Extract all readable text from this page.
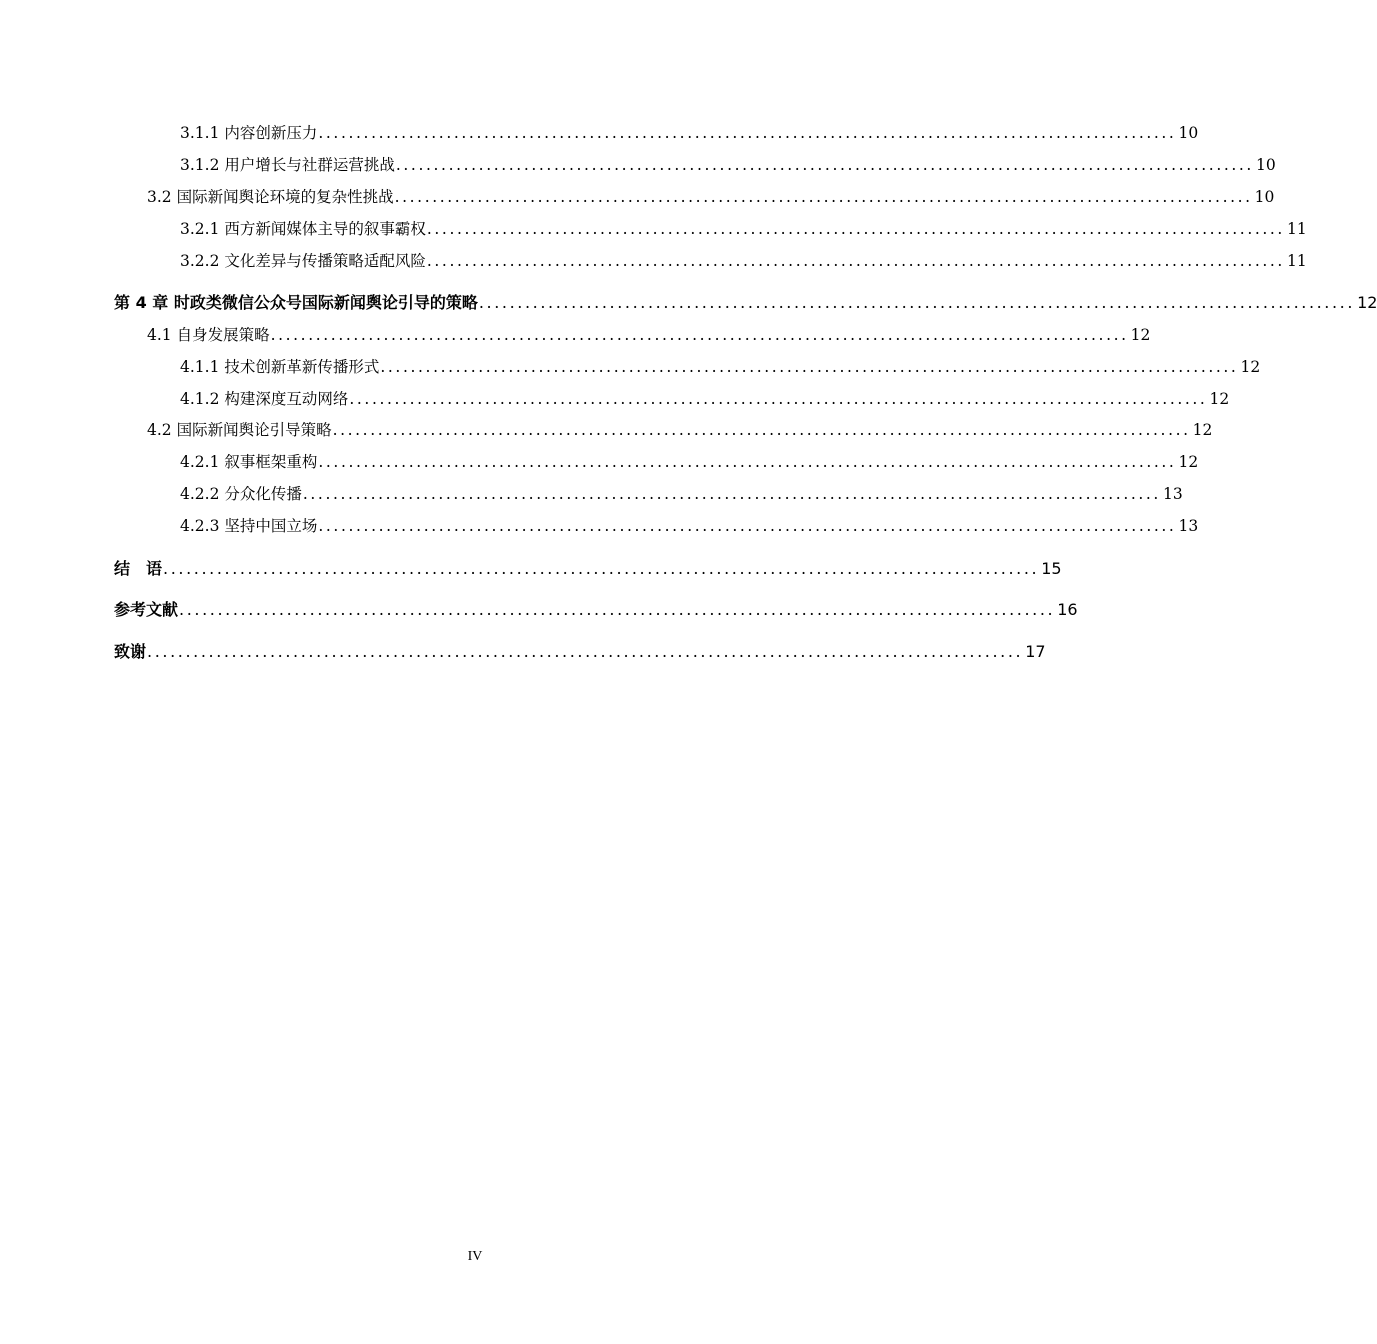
3.1.1 内容创新压力 .................................................................................................................. 10
3.1.2 用户增长与社群运营挑战 .................................................................................................................. 10
3.2 国际新闻舆论环境的复杂性挑战 .................................................................................................................. 10
3.2.1 西方新闻媒体主导的叙事霸权 .................................................................................................................. 11
3.2.2 文化差异与传播策略适配风险 .................................................................................................................. 11
第 4 章 时政类微信公众号国际新闻舆论引导的策略 .................................................................................................................. 12
4.1 自身发展策略 .................................................................................................................. 12
4.1.1 技术创新革新传播形式 .................................................................................................................. 12
4.1.2 构建深度互动网络 .................................................................................................................. 12
4.2 国际新闻舆论引导策略 .................................................................................................................. 12
4.2.1 叙事框架重构 .................................................................................................................. 12
4.2.2 分众化传播 .................................................................................................................. 13
4.2.3 坚持中国立场 .................................................................................................................. 13
结　语 .................................................................................................................. 15
参考文献 .................................................................................................................. 16
致谢 .................................................................................................................. 17
IV
